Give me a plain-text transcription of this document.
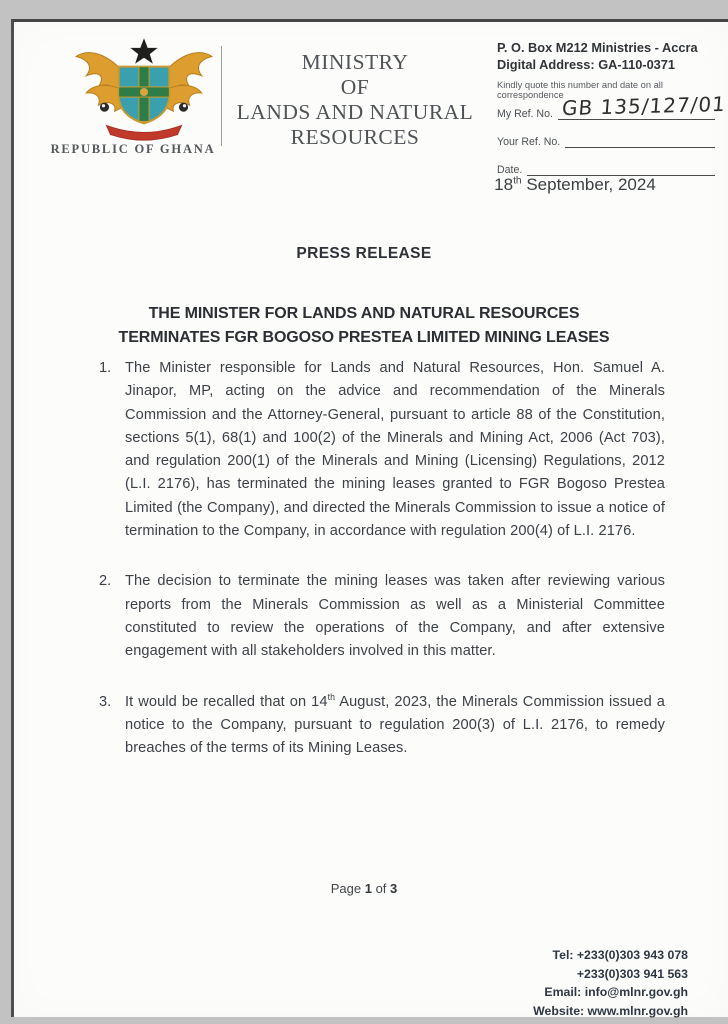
REPUBLIC OF GHANA
MINISTRY
OF
LANDS AND NATURAL
RESOURCES
P. O. Box M212 Ministries - Accra
Digital Address: GA-110-0371
Kindly quote this number and date on all correspondence
My Ref. No. GB 135/127/01
Your Ref. No.
Date.
18th September, 2024
PRESS RELEASE
THE MINISTER FOR LANDS AND NATURAL RESOURCES
TERMINATES FGR BOGOSO PRESTEA LIMITED MINING LEASES
1. The Minister responsible for Lands and Natural Resources, Hon. Samuel A. Jinapor, MP, acting on the advice and recommendation of the Minerals Commission and the Attorney-General, pursuant to article 88 of the Constitution, sections 5(1), 68(1) and 100(2) of the Minerals and Mining Act, 2006 (Act 703), and regulation 200(1) of the Minerals and Mining (Licensing) Regulations, 2012 (L.I. 2176), has terminated the mining leases granted to FGR Bogoso Prestea Limited (the Company), and directed the Minerals Commission to issue a notice of termination to the Company, in accordance with regulation 200(4) of L.I. 2176.
2. The decision to terminate the mining leases was taken after reviewing various reports from the Minerals Commission as well as a Ministerial Committee constituted to review the operations of the Company, and after extensive engagement with all stakeholders involved in this matter.
3. It would be recalled that on 14th August, 2023, the Minerals Commission issued a notice to the Company, pursuant to regulation 200(3) of L.I. 2176, to remedy breaches of the terms of its Mining Leases.
Page 1 of 3
Tel: +233(0)303 943 078
+233(0)303 941 563
Email: info@mlnr.gov.gh
Website: www.mlnr.gov.gh
